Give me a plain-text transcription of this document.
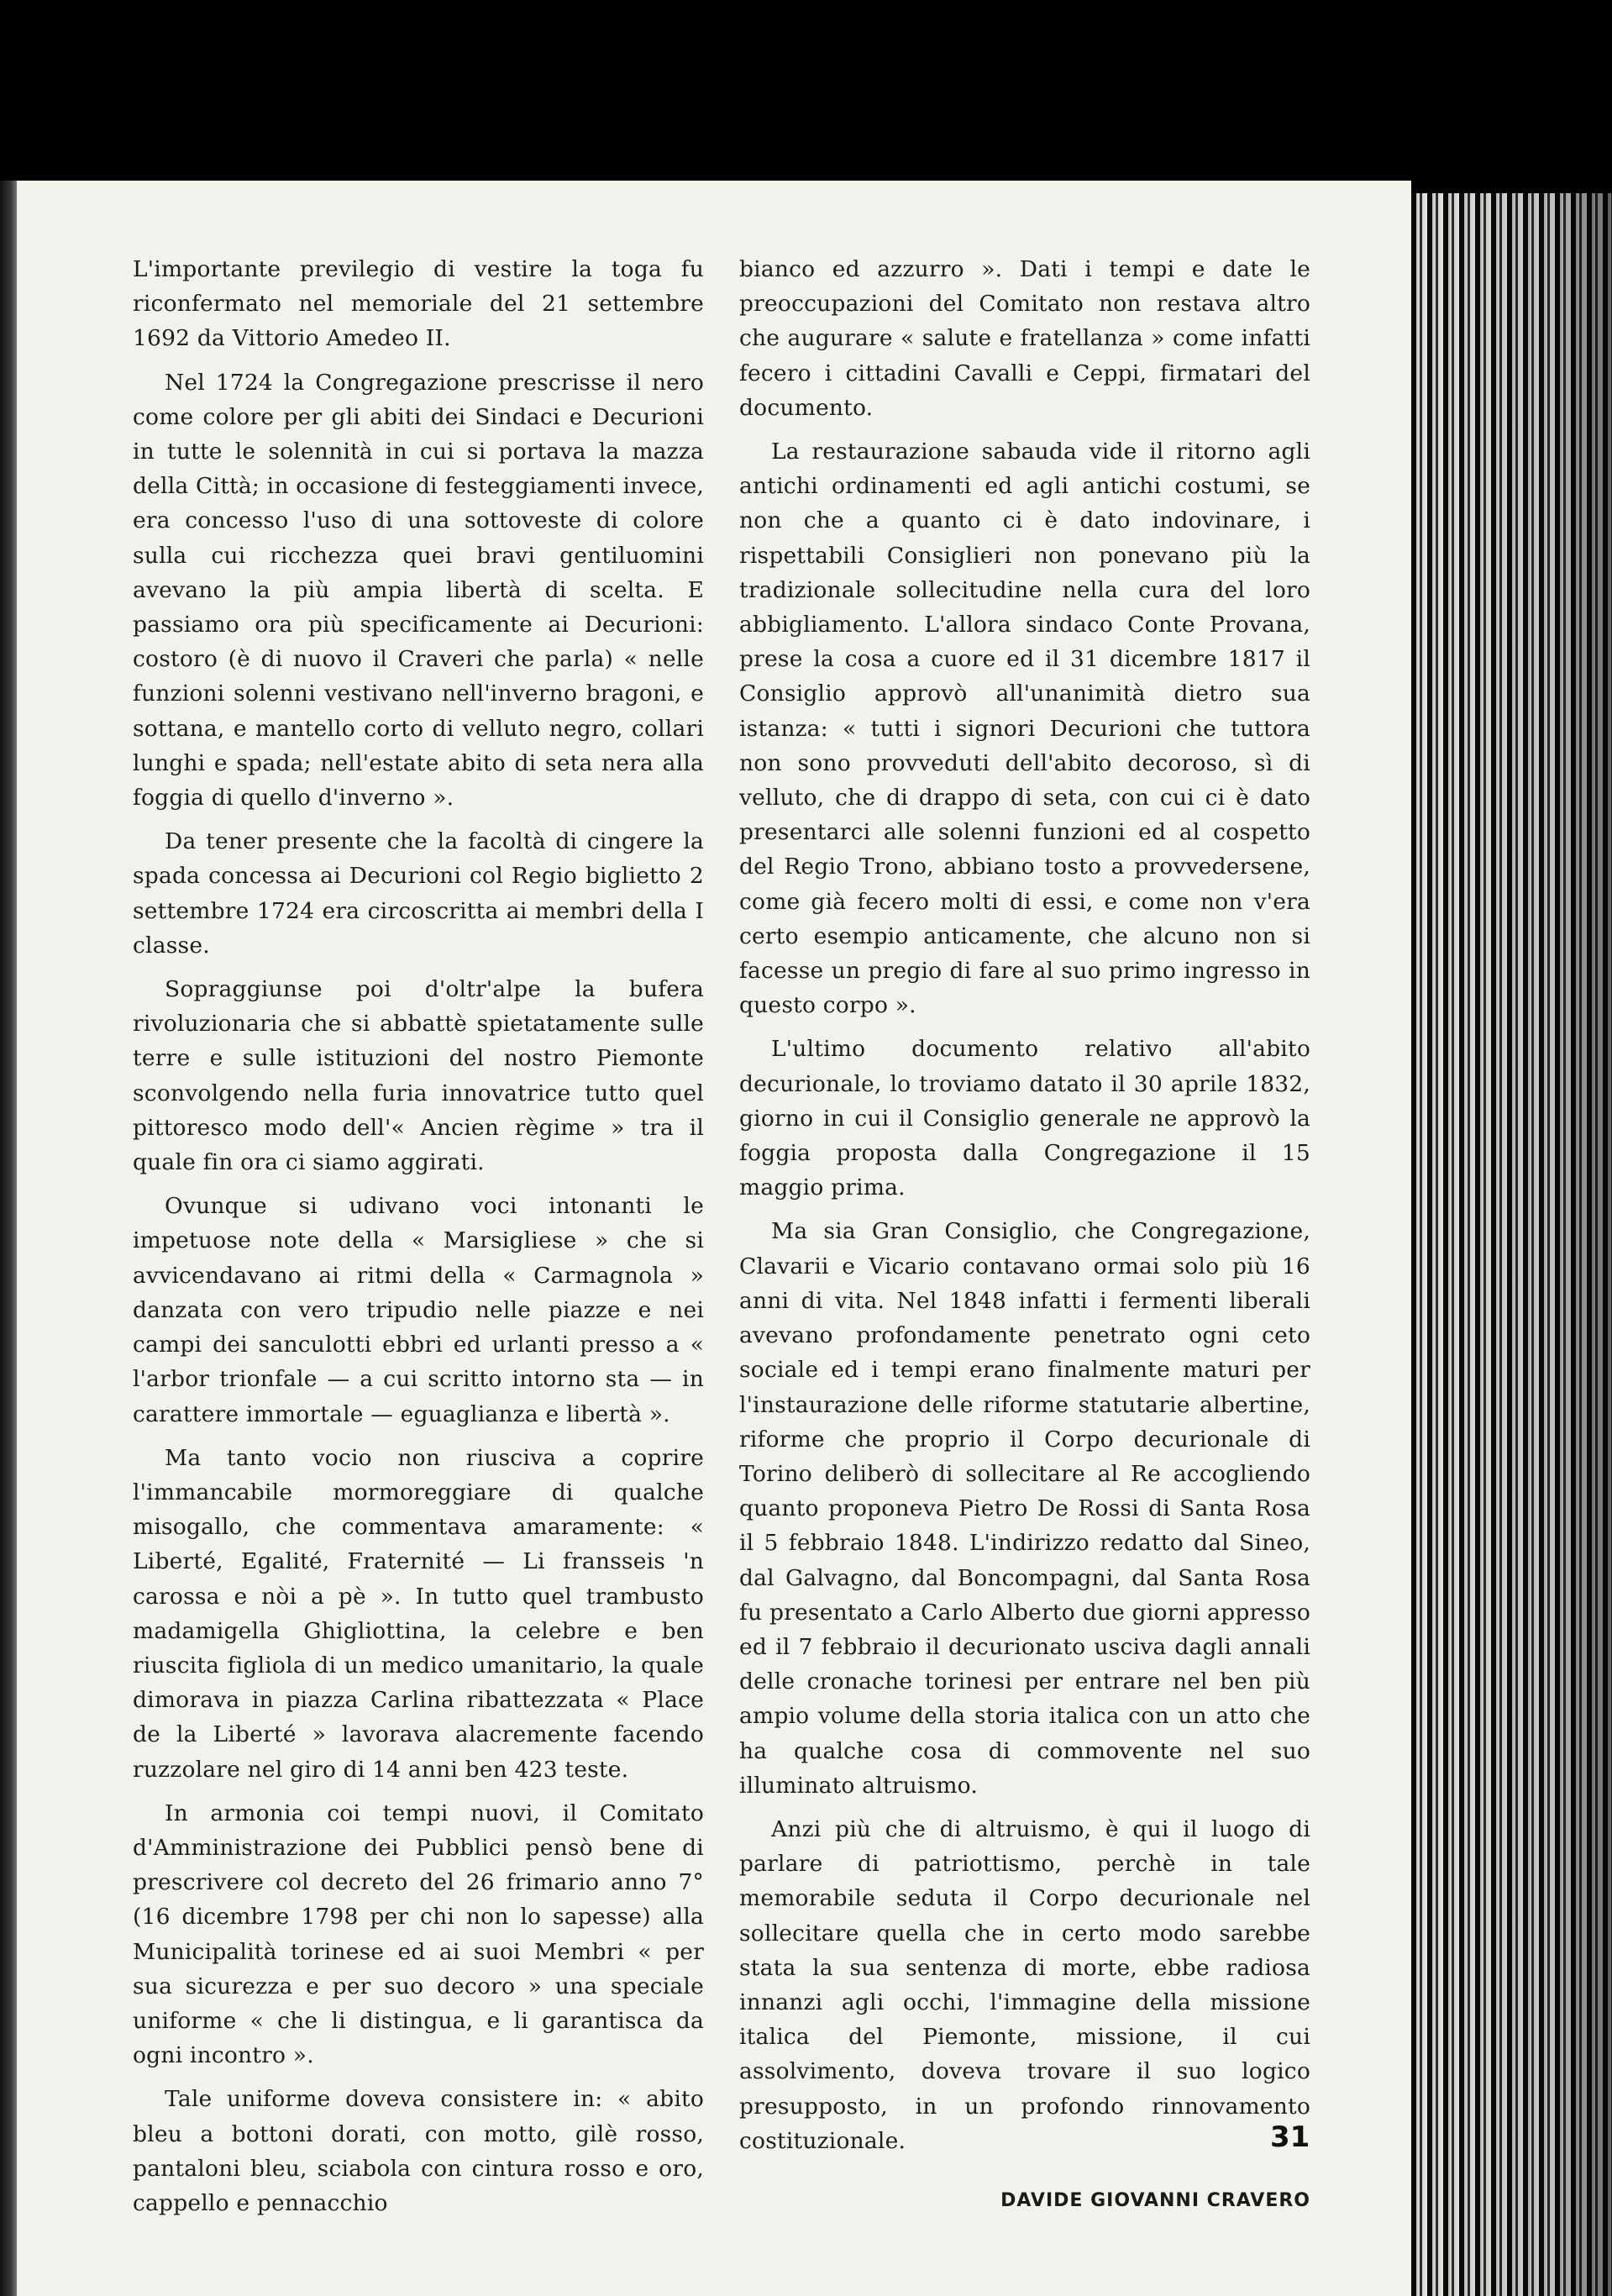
L'importante previlegio di vestire la toga fu riconfermato nel memoriale del 21 settembre 1692 da Vittorio Amedeo II.

Nel 1724 la Congregazione prescrisse il nero come colore per gli abiti dei Sindaci e Decurioni in tutte le solennità in cui si portava la mazza della Città; in occasione di festeggiamenti invece, era concesso l'uso di una sottoveste di colore sulla cui ricchezza quei bravi gentiluomini avevano la più ampia libertà di scelta. E passiamo ora più specificamente ai Decurioni: costoro (è di nuovo il Craveri che parla) « nelle funzioni solenni vestivano nell'inverno bragoni, e sottana, e mantello corto di velluto negro, collari lunghi e spada; nell'estate abito di seta nera alla foggia di quello d'inverno ».

Da tener presente che la facoltà di cingere la spada concessa ai Decurioni col Regio biglietto 2 settembre 1724 era circoscritta ai membri della I classe.

Sopraggiunse poi d'oltr'alpe la bufera rivoluzionaria che si abbattè spietatamente sulle terre e sulle istituzioni del nostro Piemonte sconvolgendo nella furia innovatrice tutto quel pittoresco modo dell'« Ancien règime » tra il quale fin ora ci siamo aggirati.

Ovunque si udivano voci intonanti le impetuose note della « Marsigliese » che si avvicendavano ai ritmi della « Carmagnola » danzata con vero tripudio nelle piazze e nei campi dei sanculotti ebbri ed urlanti presso a « l'arbor trionfale — a cui scritto intorno sta — in carattere immortale — eguaglianza e libertà ».

Ma tanto vocio non riusciva a coprire l'immancabile mormoreggiare di qualche misogallo, che commentava amaramente: « Liberté, Egalité, Fraternité — Li fransseis 'n carossa e nòi a pè ». In tutto quel trambusto madamigella Ghigliottina, la celebre e ben riuscita figliola di un medico umanitario, la quale dimorava in piazza Carlina ribattezzata « Place de la Liberté » lavorava alacremente facendo ruzzolare nel giro di 14 anni ben 423 teste.

In armonia coi tempi nuovi, il Comitato d'Amministrazione dei Pubblici pensò bene di prescrivere col decreto del 26 frimario anno 7° (16 dicembre 1798 per chi non lo sapesse) alla Municipalità torinese ed ai suoi Membri « per sua sicurezza e per suo decoro » una speciale uniforme « che li distingua, e li garantisca da ogni incontro ».

Tale uniforme doveva consistere in: « abito bleu a bottoni dorati, con motto, gilè rosso, pantaloni bleu, sciabola con cintura rosso e oro, cappello e pennacchio

bianco ed azzurro ». Dati i tempi e date le preoccupazioni del Comitato non restava altro che augurare « salute e fratellanza » come infatti fecero i cittadini Cavalli e Ceppi, firmatari del documento.

La restaurazione sabauda vide il ritorno agli antichi ordinamenti ed agli antichi costumi, se non che a quanto ci è dato indovinare, i rispettabili Consiglieri non ponevano più la tradizionale sollecitudine nella cura del loro abbigliamento. L'allora sindaco Conte Provana, prese la cosa a cuore ed il 31 dicembre 1817 il Consiglio approvò all'unanimità dietro sua istanza: « tutti i signori Decurioni che tuttora non sono provveduti dell'abito decoroso, sì di velluto, che di drappo di seta, con cui ci è dato presentarci alle solenni funzioni ed al cospetto del Regio Trono, abbiano tosto a provvedersene, come già fecero molti di essi, e come non v'era certo esempio anticamente, che alcuno non si facesse un pregio di fare al suo primo ingresso in questo corpo ».

L'ultimo documento relativo all'abito decurionale, lo troviamo datato il 30 aprile 1832, giorno in cui il Consiglio generale ne approvò la foggia proposta dalla Congregazione il 15 maggio prima.

Ma sia Gran Consiglio, che Congregazione, Clavarii e Vicario contavano ormai solo più 16 anni di vita. Nel 1848 infatti i fermenti liberali avevano profondamente penetrato ogni ceto sociale ed i tempi erano finalmente maturi per l'instaurazione delle riforme statutarie albertine, riforme che proprio il Corpo decurionale di Torino deliberò di sollecitare al Re accogliendo quanto proponeva Pietro De Rossi di Santa Rosa il 5 febbraio 1848. L'indirizzo redatto dal Sineo, dal Galvagno, dal Boncompagni, dal Santa Rosa fu presentato a Carlo Alberto due giorni appresso ed il 7 febbraio il decurionato usciva dagli annali delle cronache torinesi per entrare nel ben più ampio volume della storia italica con un atto che ha qualche cosa di commovente nel suo illuminato altruismo.

Anzi più che di altruismo, è qui il luogo di parlare di patriottismo, perchè in tale memorabile seduta il Corpo decurionale nel sollecitare quella che in certo modo sarebbe stata la sua sentenza di morte, ebbe radiosa innanzi agli occhi, l'immagine della missione italica del Piemonte, missione, il cui assolvimento, doveva trovare il suo logico presupposto, in un profondo rinnovamento costituzionale.

DAVIDE GIOVANNI CRAVERO
31
